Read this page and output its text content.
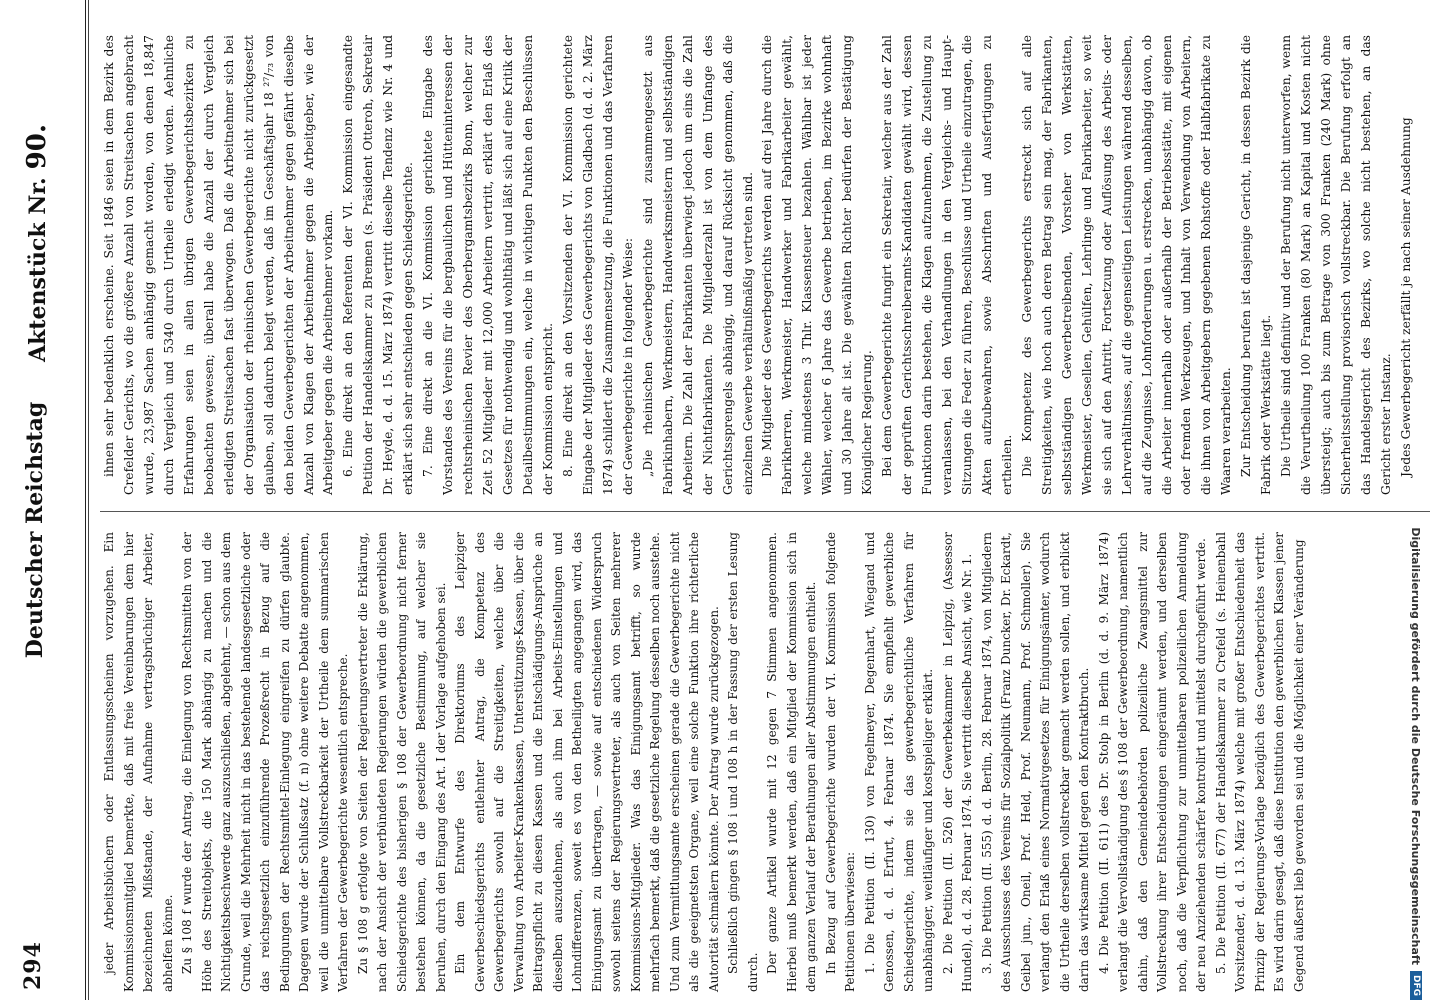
294
Deutscher Reichstag
Aktenstück Nr.90.

jeder Arbeitsbüchern oder Entlassungsscheinen vorzugehen. Ein Kommissionsmitglied bemerkte, daß mit freie Vereinbarungen dem hier bezeichneten Mißstande, der Aufnahme vertragsbrüchiger Arbeiter, abhelfen könne. Zu § 108 f wurde der Antrag, die Einlegung von Rechtsmitteln von der Höhe des Streitobjekts, die 150 Mark abhängig zu machen und die Nichtigkeitsbeschwerde ganz auszuschließen, abgelehnt, — schon aus dem Grunde, weil die Mehrheit nicht in das bestehende landesgesetzliche oder das reichsgesetzlich einzuführende Prozeßrecht in Bezug auf die Bedingungen der Rechtsmittel-Einlegung eingreifen zu dürfen glaubte. Dagegen wurde der Schlußsatz (f. n) ohne weitere Debatte angenommen, weil die unmittelbare Vollstreckbarkeit der Urtheile dem summarischen Verfahren der Gewerbegerichte wesentlich entspreche. Zu § 108 g erfolgte von Seiten der Regierungsvertreter die Erklärung, nach der Ansicht der verbündeten Regierungen würden die gewerblichen Schiedsgerichte des bisherigen § 108 der Gewerbeordnung nicht ferner bestehen können, da die gesetzliche Bestimmung, auf welcher sie beruhen, durch den Eingang des Art. I der Vorlage aufgehoben sei. Ein dem Entwurfe des Direktoriums des Leipziger Gewerbeschiedsgerichts entlehnter Antrag, die Kompetenz des Gewerbegerichts sowohl auf die Streitigkeiten, welche über die Verwaltung von Arbeiter-Krankenkassen, Unterstützungs-Kassen, über die Beitragspflicht zu diesen Kassen und die Entschädigungs-Ansprüche an dieselben auszudehnen, als auch ihm bei Arbeits-Einstellungen und Lohndifferenzen, soweit es von den Betheiligten angegangen wird, das Einigungsamt zu übertragen, — sowie auf entschiedenen Widerspruch sowohl seitens der Regierungsvertreter, als auch von Seiten mehrerer Kommissions-Mitglieder. Was das Einigungsamt betrifft, so wurde mehrfach bemerkt, daß die gesetzliche Regelung desselben noch ausstehe. Und zum Vermittlungsamte erscheinen gerade die Gewerbegerichte nicht als die geeignetsten Organe, weil eine solche Funktion ihre richterliche Autorität schmälern könnte. Der Antrag wurde zurückgezogen. Schließlich gingen § 108 i und 108 h in der Fassung der ersten Lesung durch. Der ganze Artikel wurde mit 12 gegen 7 Stimmen angenommen. Hierbei muß bemerkt werden, daß ein Mitglied der Kommission sich in dem ganzen Verlauf der Berathungen aller Abstimmungen enthielt. In Bezug auf Gewerbegerichte wurden der VI. Kommission folgende Petitionen überwiesen: 1. Die Petition (II. 130) von Fegelmeyer, Degenhart, Wiegand und Genossen, d. d. Erfurt, 4. Februar 1874. Sie empfiehlt gewerbliche Schiedsgerichte, indem sie das gewerbegerichtliche Verfahren für unabhängiger, weitläufiger und kostspieliger erklärt. 2. Die Petition (II. 526) der Gewerbekammer in Leipzig, (Assessor Hundel), d. d. 28. Februar 1874. Sie vertritt dieselbe Ansicht, wie Nr. 1. 3. Die Petition (II. 555) d. d. Berlin, 28. Februar 1874, von Mitgliedern des Ausschusses des Vereins für Sozialpolitik (Franz Duncker, Dr. Eckardt, Geibel jun., Oneil, Prof. Held, Prof. Neumann, Prof. Schmoller). Sie verlangt den Erlaß eines Normativgesetzes für Einigungsämter, wodurch die Urtheile derselben vollstreckbar gemacht werden sollen, und erblickt darin das wirksame Mittel gegen den Kontraktbruch. 4. Die Petition (II. 611) des Dr. Stolp in Berlin (d. d. 9. März 1874) verlangt die Vervollständigung des § 108 der Gewerbeordnung, namentlich dahin, daß den Gemeindebehörden polizeiliche Zwangsmittel zur Vollstreckung ihrer Entscheidungen eingeräumt werden, und derselben noch, daß die Verpflichtung zur unmittelbaren polizeilichen Anmeldung der neu Anziehenden schärfer kontrolirt und mittelst durchgeführt werde. 5. Die Petition (II. 677) der Handelskammer zu Crefeld (s. Heinenbahl Vorsitzender, d. d. 13. März 1874) welche mit großer Entschiedenheit das Prinzip der Regierungs-Vorlage bezüglich des Gewerbegerichtes vertritt. Es wird darin gesagt, daß diese Institution den gewerblichen Klassen jener Gegend äußerst lieb geworden sei und die Möglichkeit einer Veränderung

ihnen sehr bedenklich erscheine. Seit 1846 seien in dem Bezirk des Crefelder Gerichts, wo die größere Anzahl von Streitsachen angebracht wurde, 23,987 Sachen anhängig gemacht worden, von denen 18,847 durch Vergleich und 5340 durch Urtheile erledigt worden. Aehnliche Erfahrungen seien in allen übrigen Gewerbegerichtsbezirken zu beobachten gewesen; überall habe die Anzahl der durch Vergleich erledigten Streitsachen fast überwogen. Daß die Arbeitnehmer sich bei der Organisation der rheinischen Gewerbegerichte nicht zurückgesetzt glauben, soll dadurch belegt werden, daß im Geschäftsjahr 18 ²⁷/₇₃ von den beiden Gewerbegerichten der Arbeitnehmer gegen gefährt dieselbe Anzahl von Klagen der Arbeitnehmer gegen die Arbeitgeber, wie der Arbeitgeber gegen die Arbeitnehmer vorkam. 6. Eine direkt an den Referenten der VI. Kommission eingesandte Petition der Handelskammer zu Bremen (s. Präsident Otteroh, Sekretair Dr. Heyde, d. d. 15. März 1874) vertritt dieselbe Tendenz wie Nr. 4 und erklärt sich sehr entschieden gegen Schiedsgerichte. 7. Eine direkt an die VI. Kommission gerichtete Eingabe des Vorstandes des Vereins für die bergbaulichen und Hütteninteressen der rechtsrheinischen Revier des Oberbergamtsbezirks Bonn, welcher zur Zeit 52 Mitglieder mit 12,000 Arbeitern vertritt, erklärt den Erlaß des Gesetzes für nothwendig und wohlthätig und läßt sich auf eine Kritik der Detailbestimmungen ein, welche in wichtigen Punkten den Beschlüssen der Kommission entspricht. 8. Eine direkt an den Vorsitzenden der VI. Kommission gerichtete Eingabe der Mitglieder des Gewerbegerichts von Gladbach (d. d. 2. März 1874) schildert die Zusammensetzung, die Funktionen und das Verfahren der Gewerbegerichte in folgender Weise: „Die rheinischen Gewerbegerichte sind zusammengesetzt aus Fabrikinhabern, Werkmeistern, Handwerksmeistern und selbstständigen Arbeitern. Die Zahl der Fabrikanten überwiegt jedoch um eins die Zahl der Nichtfabrikanten. Die Mitgliederzahl ist von dem Umfange des Gerichtssprengels abhängig, und darauf Rücksicht genommen, daß die einzelnen Gewerbe verhältnißmäßig vertreten sind. Die Mitglieder des Gewerbegerichts werden auf drei Jahre durch die Fabrikherren, Werkmeister, Handwerker und Fabrikarbeiter gewählt, welche mindestens 3 Thlr. Klassensteuer bezahlen. Wählbar ist jeder Wähler, welcher 6 Jahre das Gewerbe betrieben, im Bezirke wohnhaft und 30 Jahre alt ist. Die gewählten Richter bedürfen der Bestätigung Königlicher Regierung. Bei dem Gewerbegerichte fungirt ein Sekretair, welcher aus der Zahl der geprüften Gerichtsschreiberamts-Kandidaten gewählt wird, dessen Funktionen darin bestehen, die Klagen aufzunehmen, die Zustellung zu veranlassen, bei den Verhandlungen in den Vergleichs- und Haupt-Sitzungen die Feder zu führen, Beschlüsse und Urtheile einzutragen, die Akten aufzubewahren, sowie Abschriften und Ausfertigungen zu ertheilen. Die Kompetenz des Gewerbegerichts erstreckt sich auf alle Streitigkeiten, wie hoch auch deren Betrag sein mag, der Fabrikanten, selbstständigen Gewerbetreibenden, Vorsteher von Werkstätten, Werkmeister, Gesellen, Gehülfen, Lehrlinge und Fabrikarbeiter, so weit sie sich auf den Antritt, Fortsetzung oder Auflösung des Arbeits- oder Lehrverhältnisses, auf die gegenseitigen Leistungen während desselben, auf die Zeugnisse, Lohnforderungen u. erstrecken, unabhängig davon, ob die Arbeiter innerhalb oder außerhalb der Betriebsstätte, mit eigenen oder fremden Werkzeugen, und Inhalt von Verwendung von Arbeitern, die ihnen von Arbeitgebern gegebenen Rohstoffe oder Halbfabrikate zu Waaren verarbeiten. Zur Entscheidung berufen ist dasjenige Gericht, in dessen Bezirk die Fabrik oder Werkstätte liegt. Die Urtheile sind definitiv und der Berufung nicht unterworfen, wenn die Verurtheilung 100 Franken (80 Mark) an Kapital und Kosten nicht übersteigt; auch bis zum Betrage von 300 Franken (240 Mark) ohne Sicherheitsstellung provisorisch vollstreckbar. Die Berufung erfolgt an das Handelsgericht des Bezirks, wo solche nicht bestehen, an das Gericht erster Instanz. Jedes Gewerbegericht zerfällt je nach seiner Ausdehnung

Digitalisierung gefördert durch die Deutsche Forschungsgemeinschaft
DFG
